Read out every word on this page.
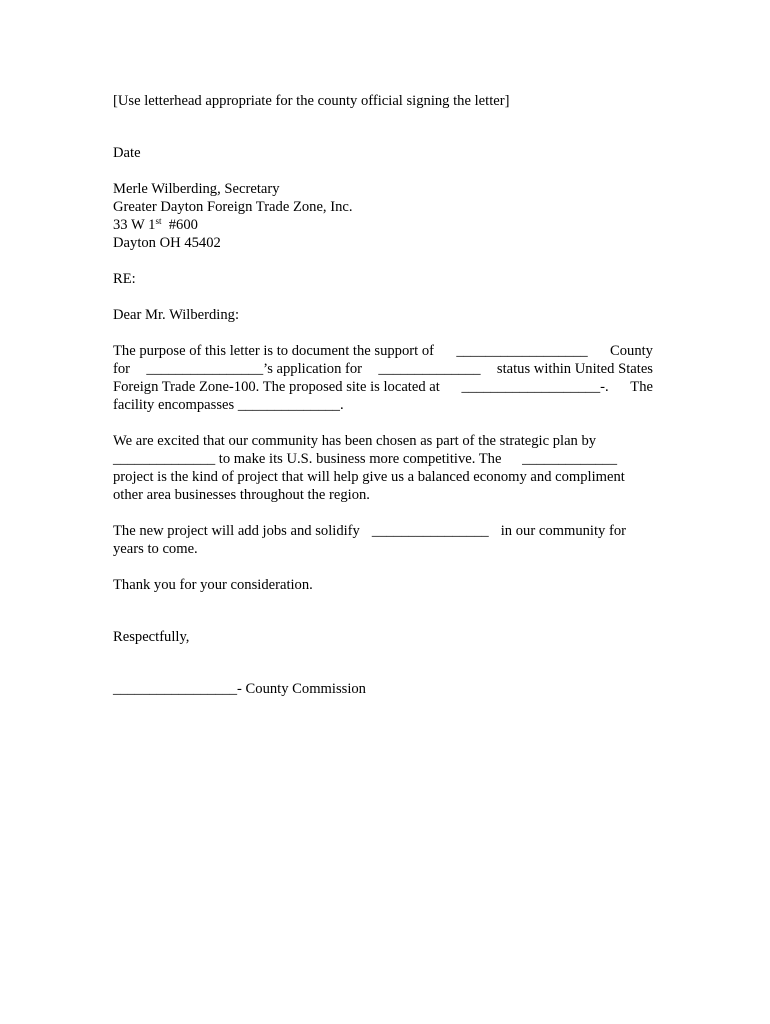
[Use letterhead appropriate for the county official signing the letter]

Date

Merle Wilberding, Secretary

Greater Dayton Foreign Trade Zone, Inc.

33 W 1st  #600

Dayton OH 45402

RE:

Dear Mr. Wilberding:

The purpose of this letter is to document the support of __________________ County
for ________________’s application for ______________ status within United States
Foreign Trade Zone-100. The proposed site is located at ___________________-. The
facility encompasses ______________.
We are excited that our community has been chosen as part of the strategic plan by
______________ to make its U.S. business more competitive. The _____________
project is the kind of project that will help give us a balanced economy and compliment
other area businesses throughout the region.
The new project will add jobs and solidify ________________ in our community for
years to come.

Thank you for your consideration.

Respectfully,

_________________- County Commission
